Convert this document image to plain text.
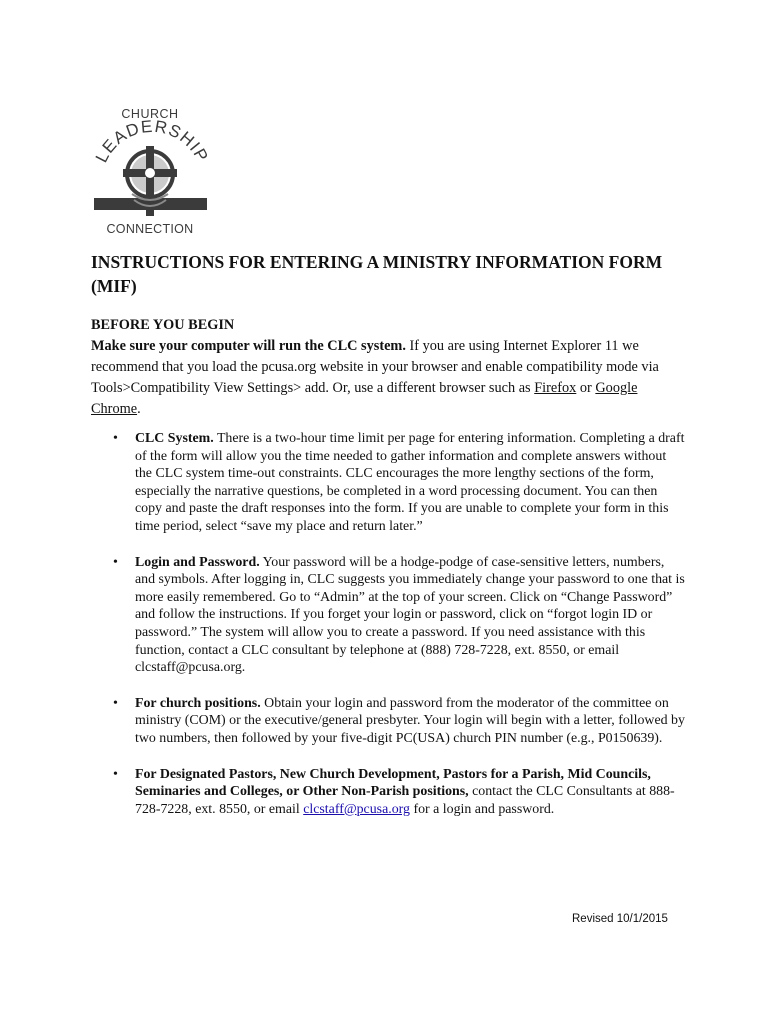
CHURCH
LEADERSHIP
CONNECTION
INSTRUCTIONS FOR ENTERING A MINISTRY INFORMATION FORM (MIF)
BEFORE YOU BEGIN

Make sure your computer will run the CLC system. If you are using Internet Explorer 11 we recommend that you load the pcusa.org website in your browser and enable compatibility mode via Tools>Compatibility View Settings> add. Or, use a different browser such as Firefox or Google Chrome.

• CLC System. There is a two-hour time limit per page for entering information. Completing a draft of the form will allow you the time needed to gather information and complete answers without the CLC system time-out constraints. CLC encourages the more lengthy sections of the form, especially the narrative questions, be completed in a word processing document. You can then copy and paste the draft responses into the form. If you are unable to complete your form in this time period, select “save my place and return later.”
• Login and Password. Your password will be a hodge-podge of case-sensitive letters, numbers, and symbols. After logging in, CLC suggests you immediately change your password to one that is more easily remembered. Go to “Admin” at the top of your screen. Click on “Change Password” and follow the instructions. If you forget your login or password, click on “forgot login ID or password.” The system will allow you to create a password. If you need assistance with this function, contact a CLC consultant by telephone at (888) 728-7228, ext. 8550, or email clcstaff@pcusa.org.
• For church positions. Obtain your login and password from the moderator of the committee on ministry (COM) or the executive/general presbyter. Your login will begin with a letter, followed by two numbers, then followed by your five-digit PC(USA) church PIN number (e.g., P0150639).
• For Designated Pastors, New Church Development, Pastors for a Parish, Mid Councils, Seminaries and Colleges, or Other Non-Parish positions, contact the CLC Consultants at 888-728-7228, ext. 8550, or email clcstaff@pcusa.org for a login and password.
Revised 10/1/2015
